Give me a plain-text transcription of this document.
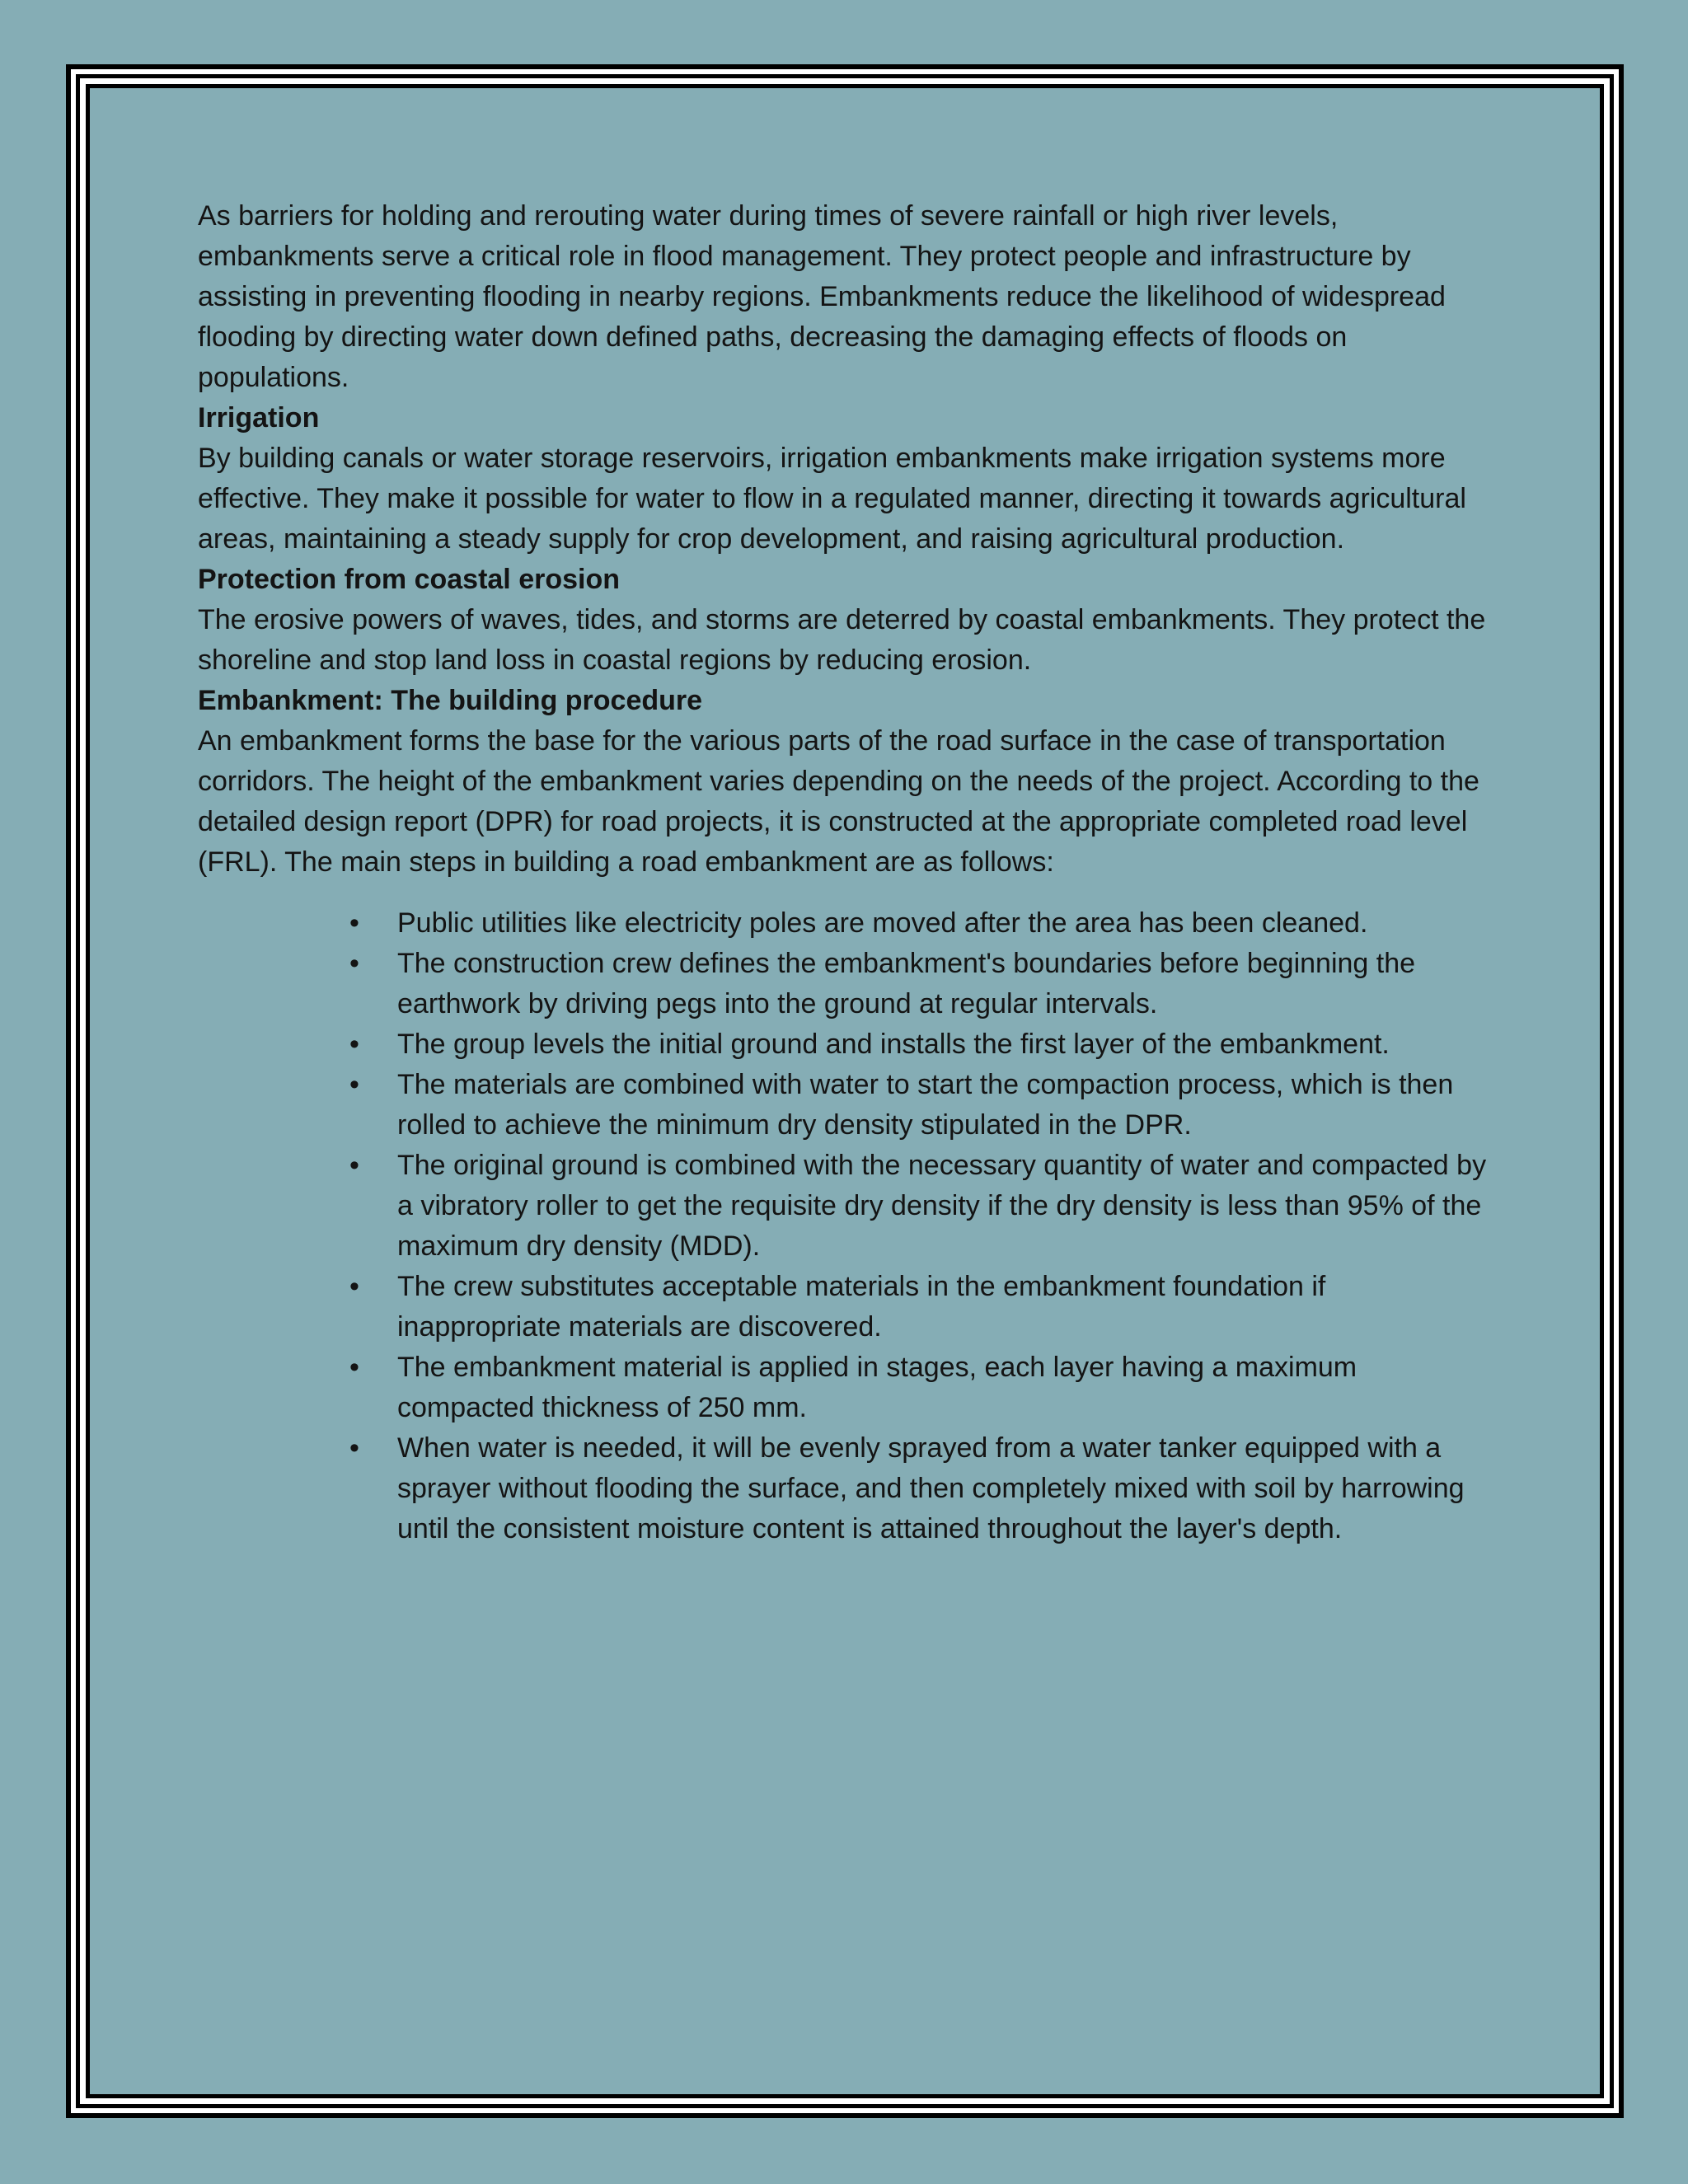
As barriers for holding and rerouting water during times of severe rainfall or high river levels, embankments serve a critical role in flood management. They protect people and infrastructure by assisting in preventing flooding in nearby regions. Embankments reduce the likelihood of widespread flooding by directing water down defined paths, decreasing the damaging effects of floods on populations.

Irrigation

By building canals or water storage reservoirs, irrigation embankments make irrigation systems more effective. They make it possible for water to flow in a regulated manner, directing it towards agricultural areas, maintaining a steady supply for crop development, and raising agricultural production.

Protection from coastal erosion

The erosive powers of waves, tides, and storms are deterred by coastal embankments. They protect the shoreline and stop land loss in coastal regions by reducing erosion.

Embankment: The building procedure

An embankment forms the base for the various parts of the road surface in the case of transportation corridors. The height of the embankment varies depending on the needs of the project. According to the detailed design report (DPR) for road projects, it is constructed at the appropriate completed road level (FRL). The main steps in building a road embankment are as follows:

• Public utilities like electricity poles are moved after the area has been cleaned.
• The construction crew defines the embankment's boundaries before beginning the earthwork by driving pegs into the ground at regular intervals.
• The group levels the initial ground and installs the first layer of the embankment.
• The materials are combined with water to start the compaction process, which is then rolled to achieve the minimum dry density stipulated in the DPR.
• The original ground is combined with the necessary quantity of water and compacted by a vibratory roller to get the requisite dry density if the dry density is less than 95% of the maximum dry density (MDD).
• The crew substitutes acceptable materials in the embankment foundation if inappropriate materials are discovered.
• The embankment material is applied in stages, each layer having a maximum compacted thickness of 250 mm.
• When water is needed, it will be evenly sprayed from a water tanker equipped with a sprayer without flooding the surface, and then completely mixed with soil by harrowing until the consistent moisture content is attained throughout the layer's depth.
